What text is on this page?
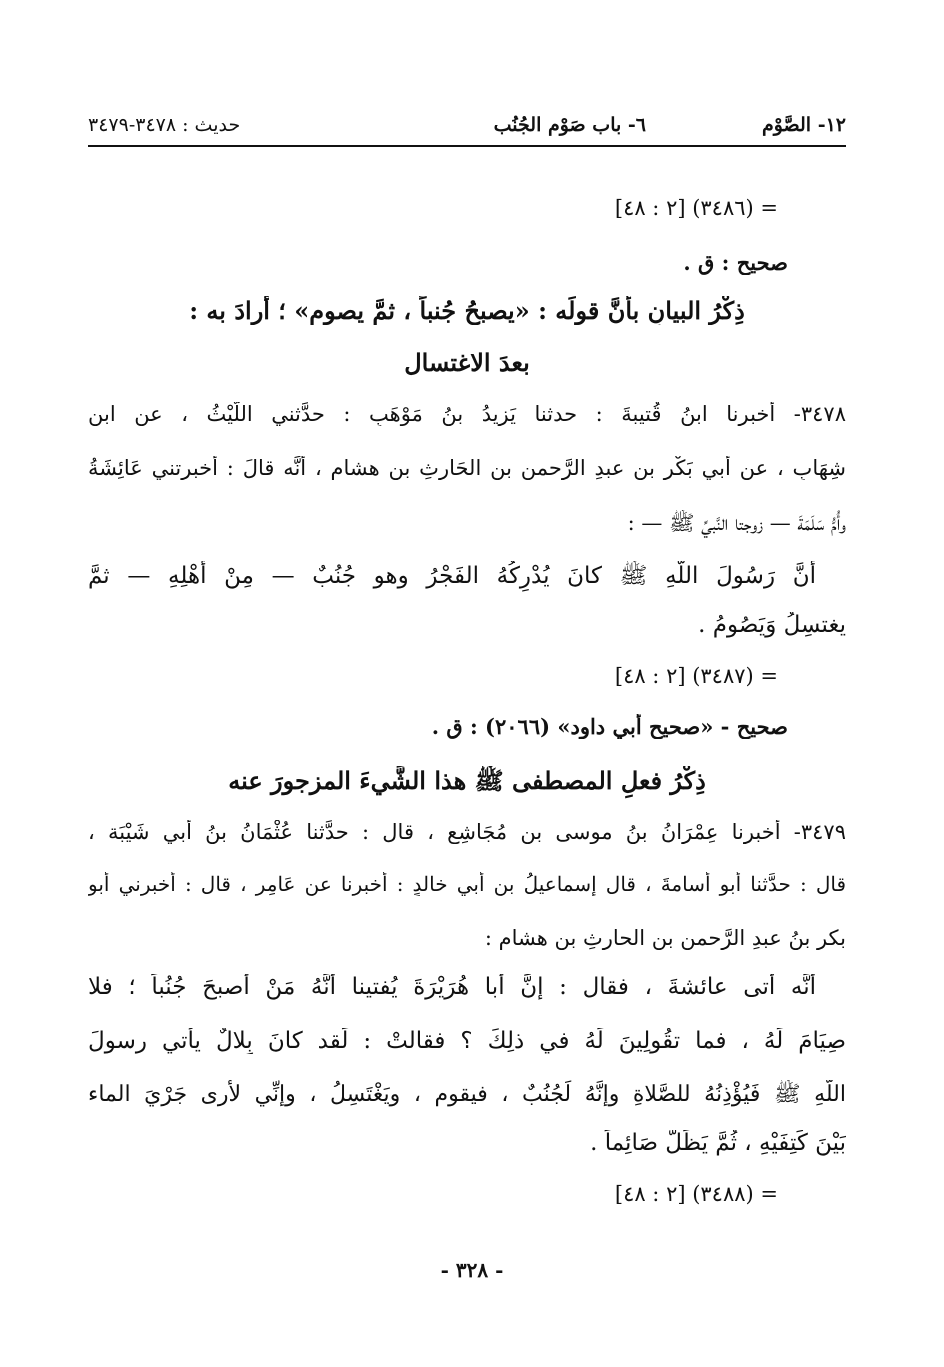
١٢- الصَّوْم
٦- باب صَوْم الجُنُب
حديث : ٣٤٧٨-٣٤٧٩
= (٣٤٨٦) [٢ : ٤٨]
صحيح : ق .
ذِكْرُ البيانِ بأنَّ قولَه : «يصبحُ جُنباً ، ثمَّ يصوم» ؛ أرادَ به :
بعدَ الاغتسال
٣٤٧٨- أخبرنا ابنُ قُتيبةَ : حدثنا يَزِيدُ بنُ مَوْهَبٍ : حدَّثني اللَّيْثُ ، عن ابنِ
شِهَابٍ ، عن أبي بَكْرِ بن عبدِ الرَّحمن بنِ الحَارِثِ بنِ هشامٍ ، أنَّه قالَ : أخبرتني عَائِشَةُ
وأُمُّ سَلَمَةَ — زوجتا النَّبيِّ ﷺ — :
أنَّ رَسُولَ اللَّهِ ﷺ كانَ يُدْرِكُهُ الفَجْرُ وهو جُنُبٌ — مِنْ أَهْلِهِ — ثمَّ
يغتسِلُ وَيَصُومُ .
= (٣٤٨٧) [٢ : ٤٨]
صحيح - «صحيح أبي داود» (٢٠٦٦) : ق .
ذِكْرُ فعلِ المصطفى ﷺ هذا الشَّيءَ المزجورَ عنه
٣٤٧٩- أخبرنا عِمْرَانُ بنُ موسى بنِ مُجَاشِعٍ ، قال : حدَّثنا عُثْمَانُ بنُ أبي شَيْبَة ،
قال : حدَّثنا أبو أُسامةَ ، قال إسماعيلُ بن أبي خالدٍ : أخبرنا عن عَامِرٍ ، قال : أخبرني أبو
بكر بنُ عبدِ الرَّحمن بنِ الحارثِ بنِ هشام :
أنَّه أتى عائشةَ ، فقال : إنَّ أبا هُرَيْرَةَ يُفتينا أنَّهُ مَنْ أصبحَ جُنُباً ؛ فلا
صِيَامَ لَهُ ، فما تقُولِينَ لَهُ في ذلِكَ ؟ فقالتْ : لَقد كانَ بِلالٌ يأتي رسولَ
اللَّهِ ﷺ فَيُؤْذِنُهُ للصَّلاةِ وإنَّهُ لَجُنُبٌ ، فيقوم ، ويَغْتَسِلُ ، وإنِّي لأرى جَرْيَ الماء
بَيْنَ كَتِفَيْهِ ، ثُمَّ يَظَلُّ صَائِماً .
= (٣٤٨٨) [٢ : ٤٨]
- ٣٢٨ -
